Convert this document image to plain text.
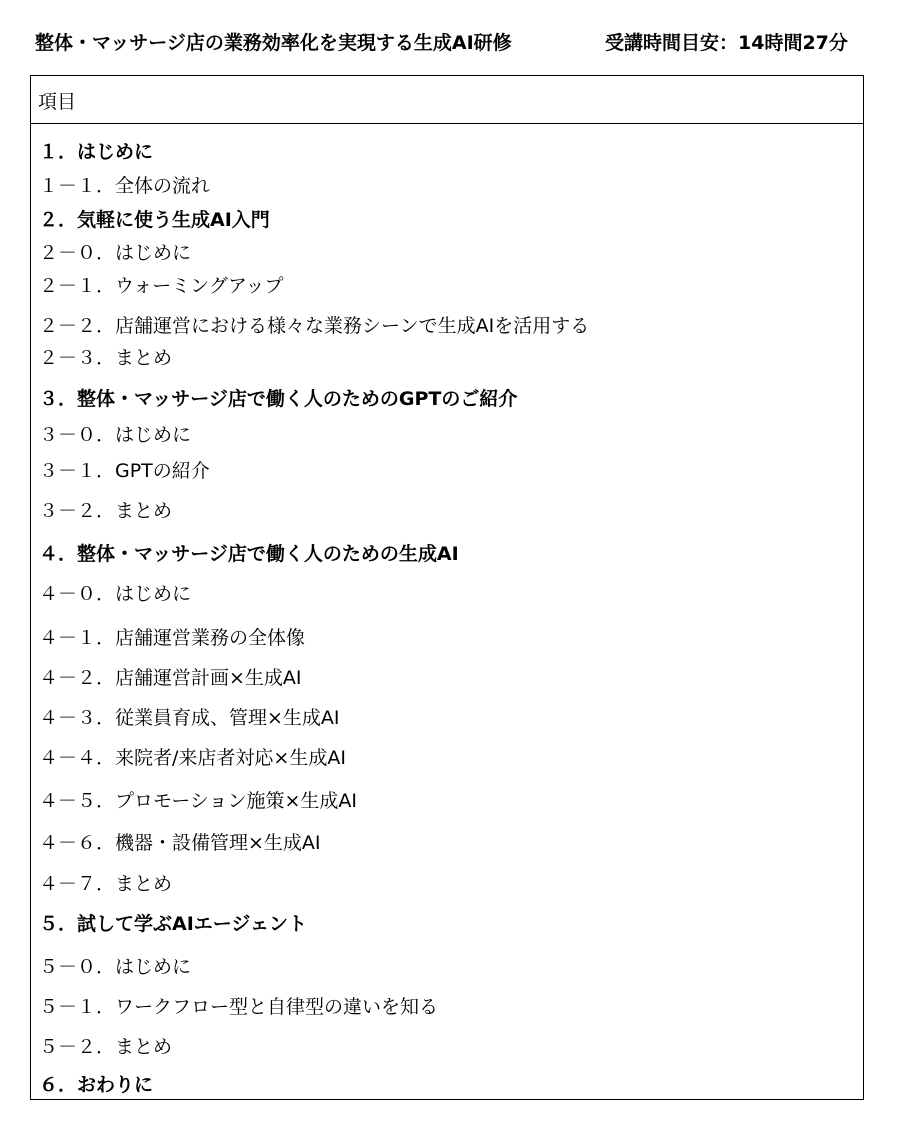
整体・マッサージ店の業務効率化を実現する生成AI研修	受講時間目安：14時間27分
項目
１．はじめに
１－１．全体の流れ
２．気軽に使う生成AI入門
２－０．はじめに
２－１．ウォーミングアップ
２－２．店舗運営における様々な業務シーンで生成AIを活用する
２－３．まとめ
３．整体・マッサージ店で働く人のためのGPTのご紹介
３－０．はじめに
３－１．GPTの紹介
３－２．まとめ
４．整体・マッサージ店で働く人のための生成AI
４－０．はじめに
４－１．店舗運営業務の全体像
４－２．店舗運営計画×生成AI
４－３．従業員育成、管理×生成AI
４－４．来院者/来店者対応×生成AI
４－５．プロモーション施策×生成AI
４－６．機器・設備管理×生成AI
４－７．まとめ
５．試して学ぶAIエージェント
５－０．はじめに
５－１．ワークフロー型と自律型の違いを知る
５－２．まとめ
６．おわりに
